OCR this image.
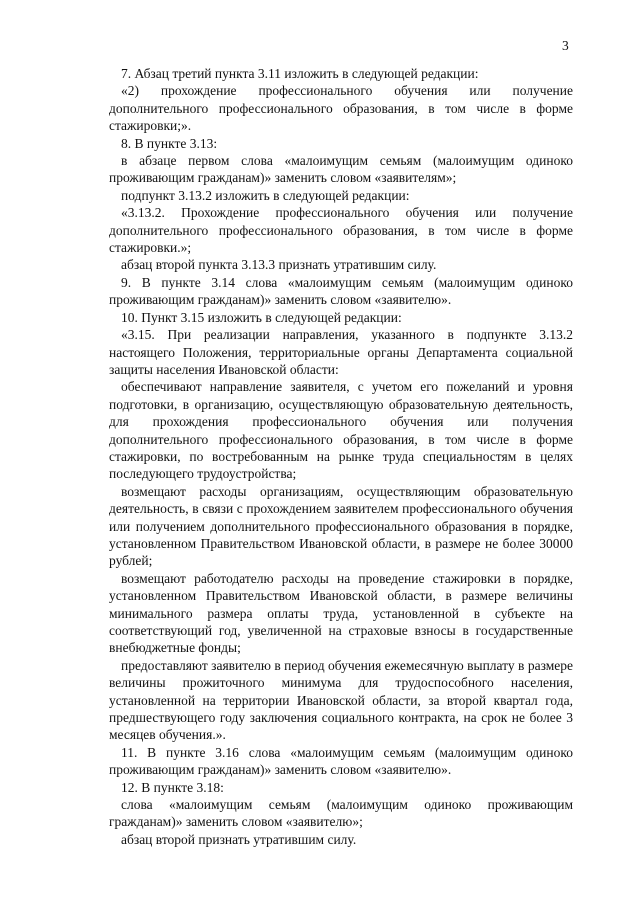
3

7. Абзац третий пункта 3.11 изложить в следующей редакции:

«2) прохождение профессионального обучения или получение дополнительного профессионального образования, в том числе в форме стажировки;».

8. В пункте 3.13:

в абзаце первом слова «малоимущим семьям (малоимущим одиноко проживающим гражданам)» заменить словом «заявителям»;

подпункт 3.13.2 изложить в следующей редакции:

«3.13.2. Прохождение профессионального обучения или получение дополнительного профессионального образования, в том числе в форме стажировки.»;

абзац второй пункта 3.13.3 признать утратившим силу.

9. В пункте 3.14 слова «малоимущим семьям (малоимущим одиноко проживающим гражданам)» заменить словом «заявителю».

10. Пункт 3.15 изложить в следующей редакции:

«3.15. При реализации направления, указанного в подпункте 3.13.2 настоящего Положения, территориальные органы Департамента социальной защиты населения Ивановской области:

обеспечивают направление заявителя, с учетом его пожеланий и уровня подготовки, в организацию, осуществляющую образовательную деятельность, для прохождения профессионального обучения или получения дополнительного профессионального образования, в том числе в форме стажировки, по востребованным на рынке труда специальностям в целях последующего трудоустройства;

возмещают расходы организациям, осуществляющим образовательную деятельность, в связи с прохождением заявителем профессионального обучения или получением дополнительного профессионального образования в порядке, установленном Правительством Ивановской области, в размере не более 30000 рублей;

возмещают работодателю расходы на проведение стажировки в порядке, установленном Правительством Ивановской области, в размере величины минимального размера оплаты труда, установленной в субъекте на соответствующий год, увеличенной на страховые взносы в государственные внебюджетные фонды;

предоставляют заявителю в период обучения ежемесячную выплату в размере величины прожиточного минимума для трудоспособного населения, установленной на территории Ивановской области, за второй квартал года, предшествующего году заключения социального контракта, на срок не более 3 месяцев обучения.».

11. В пункте 3.16 слова «малоимущим семьям (малоимущим одиноко проживающим гражданам)» заменить словом «заявителю».

12. В пункте 3.18:

слова «малоимущим семьям (малоимущим одиноко проживающим гражданам)» заменить словом «заявителю»;

абзац второй признать утратившим силу.
